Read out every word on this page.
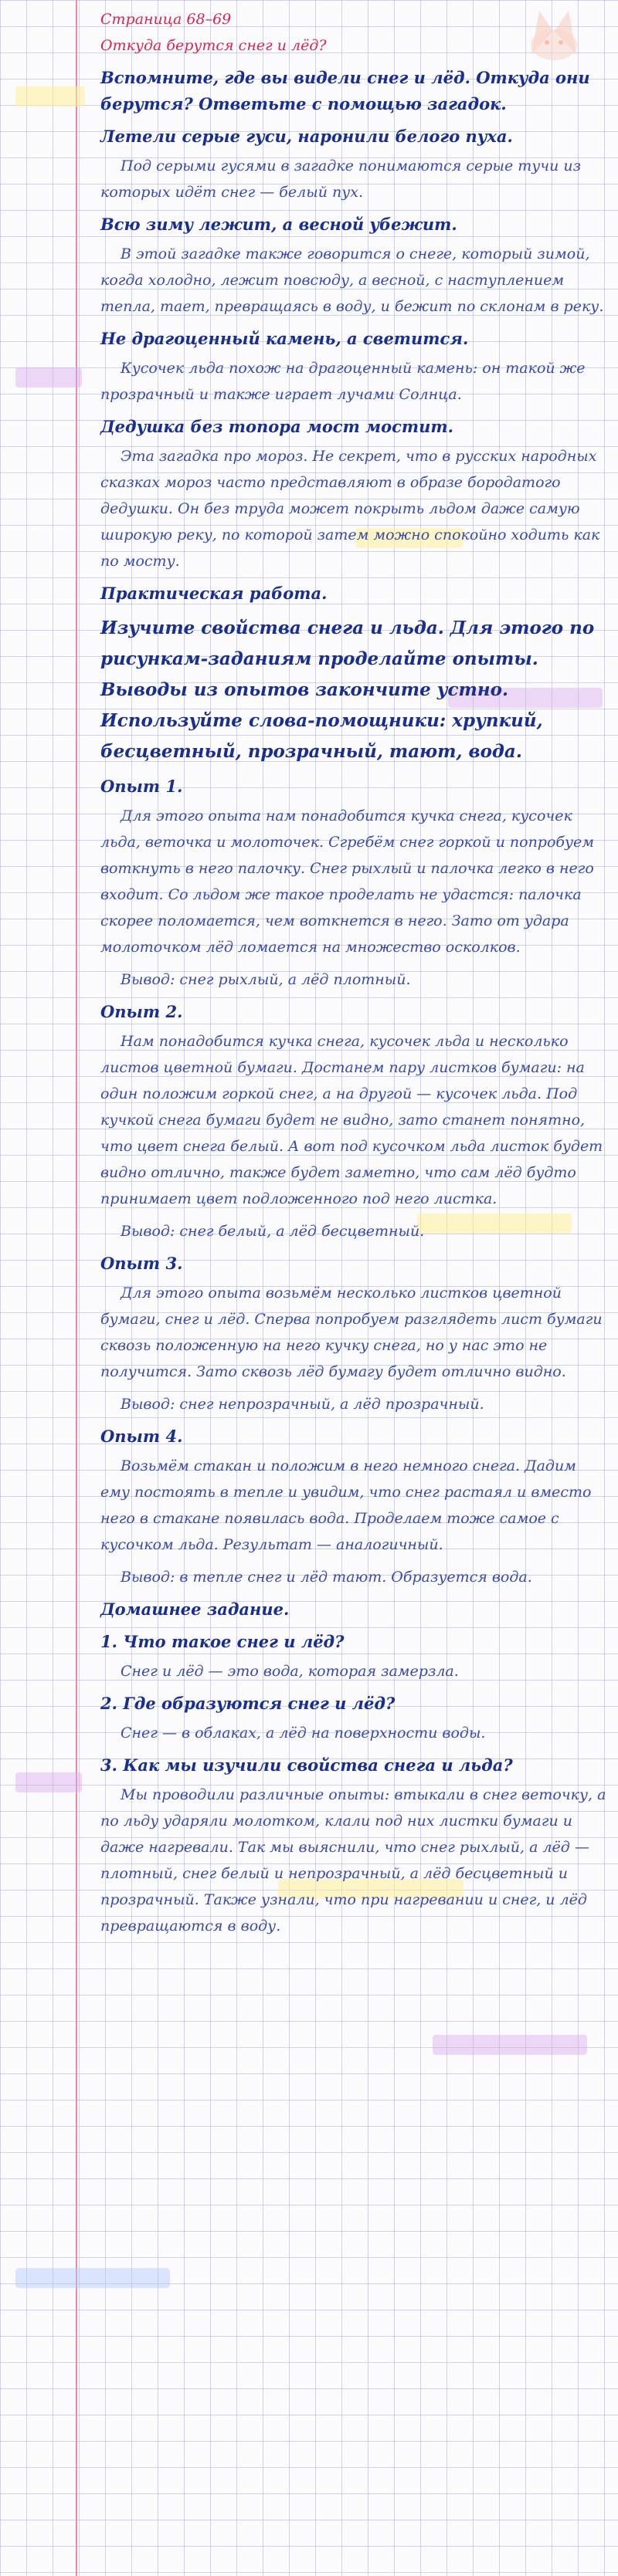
Страница 68–69
Откуда берутся снег и лёд?
Вспомните, где вы видели снег и лёд. Откуда они берутся? Ответьте с помощью загадок.
Летели серые гуси, наронили белого пуха.
Под серыми гусями в загадке понимаются серые тучи из которых идёт снег — белый пух.
Всю зиму лежит, а весной убежит.
В этой загадке также говорится о снеге, который зимой, когда холодно, лежит повсюду, а весной, с наступлением тепла, тает, превращаясь в воду, и бежит по склонам в реку.
Не драгоценный камень, а светится.
Кусочек льда похож на драгоценный камень: он такой же прозрачный и также играет лучами Солнца.
Дедушка без топора мост мостит.
Эта загадка про мороз. Не секрет, что в русских народных сказках мороз часто представляют в образе бородатого дедушки. Он без труда может покрыть льдом даже самую широкую реку, по которой затем можно спокойно ходить как по мосту.
Практическая работа.
Изучите свойства снега и льда. Для этого по рисункам-заданиям проделайте опыты. Выводы из опытов закончите устно. Используйте слова-помощники: хрупкий, бесцветный, прозрачный, тают, вода.
Опыт 1.
Для этого опыта нам понадобится кучка снега, кусочек льда, веточка и молоточек. Сгребём снег горкой и попробуем воткнуть в него палочку. Снег рыхлый и палочка легко в него входит. Со льдом же такое проделать не удастся: палочка скорее поломается, чем воткнется в него. Зато от удара молоточком лёд ломается на множество осколков.
Вывод: снег рыхлый, а лёд плотный.
Опыт 2.
Нам понадобится кучка снега, кусочек льда и несколько листов цветной бумаги. Достанем пару листков бумаги: на один положим горкой снег, а на другой — кусочек льда. Под кучкой снега бумаги будет не видно, зато станет понятно, что цвет снега белый. А вот под кусочком льда листок будет видно отлично, также будет заметно, что сам лёд будто принимает цвет подложенного под него листка.
Вывод: снег белый, а лёд бесцветный.
Опыт 3.
Для этого опыта возьмём несколько листков цветной бумаги, снег и лёд. Сперва попробуем разглядеть лист бумаги сквозь положенную на него кучку снега, но у нас это не получится. Зато сквозь лёд бумагу будет отлично видно.
Вывод: снег непрозрачный, а лёд прозрачный.
Опыт 4.
Возьмём стакан и положим в него немного снега. Дадим ему постоять в тепле и увидим, что снег растаял и вместо него в стакане появилась вода. Проделаем тоже самое с кусочком льда. Результат — аналогичный.
Вывод: в тепле снег и лёд тают. Образуется вода.
Домашнее задание.
1. Что такое снег и лёд?
Снег и лёд — это вода, которая замерзла.
2. Где образуются снег и лёд?
Снег — в облаках, а лёд на поверхности воды.
3. Как мы изучили свойства снега и льда?
Мы проводили различные опыты: втыкали в снег веточку, а по льду ударяли молотком, клали под них листки бумаги и даже нагревали. Так мы выяснили, что снег рыхлый, а лёд — плотный, снег белый и непрозрачный, а лёд бесцветный и прозрачный. Также узнали, что при нагревании и снег, и лёд превращаются в воду.
